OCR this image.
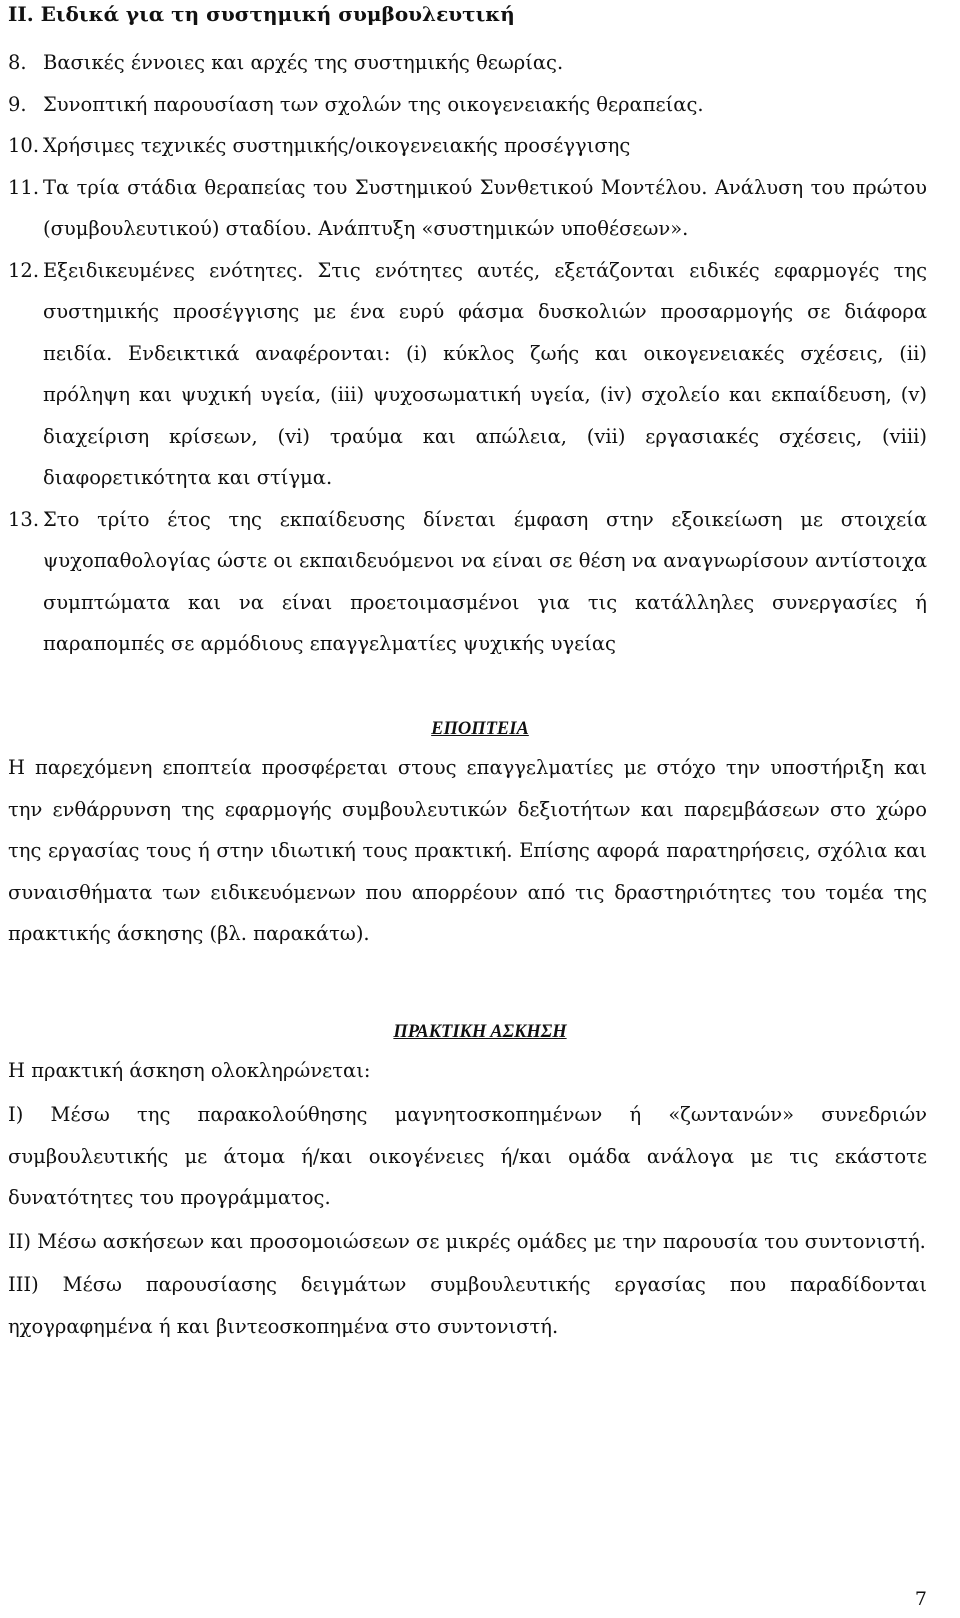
ΙΙ. Ειδικά για τη συστημική συμβουλευτική
8. Βασικές έννοιες και αρχές της συστημικής θεωρίας.
9. Συνοπτική παρουσίαση των σχολών της οικογενειακής θεραπείας.
10. Χρήσιμες τεχνικές συστημικής/οικογενειακής προσέγγισης
11. Τα τρία στάδια θεραπείας του Συστημικού Συνθετικού Μοντέλου. Ανάλυση του πρώτου (συμβουλευτικού) σταδίου. Ανάπτυξη «συστημικών υποθέσεων».
12. Εξειδικευμένες ενότητες. Στις ενότητες αυτές, εξετάζονται ειδικές εφαρμογές της συστημικής προσέγγισης με ένα ευρύ φάσμα δυσκολιών προσαρμογής σε διάφορα πειδία. Ενδεικτικά αναφέρονται: (i) κύκλος ζωής και οικογενειακές σχέσεις, (ii) πρόληψη και ψυχική υγεία, (iii) ψυχοσωματική υγεία, (iv) σχολείο και εκπαίδευση, (v) διαχείριση κρίσεων, (vi) τραύμα και απώλεια, (vii) εργασιακές σχέσεις, (viii) διαφορετικότητα και στίγμα.
13. Στο τρίτο έτος της εκπαίδευσης δίνεται έμφαση στην εξοικείωση με στοιχεία ψυχοπαθολογίας ώστε οι εκπαιδευόμενοι να είναι σε θέση να αναγνωρίσουν αντίστοιχα συμπτώματα και να είναι προετοιμασμένοι για τις κατάλληλες συνεργασίες ή παραπομπές σε αρμόδιους επαγγελματίες ψυχικής υγείας
ΕΠΟΠΤΕΙΑ

Η παρεχόμενη εποπτεία προσφέρεται στους επαγγελματίες με στόχο την υποστήριξη και την ενθάρρυνση της εφαρμογής συμβουλευτικών δεξιοτήτων και παρεμβάσεων στο χώρο της εργασίας τους ή στην ιδιωτική τους πρακτική. Επίσης αφορά παρατηρήσεις, σχόλια και συναισθήματα των ειδικευόμενων που απορρέουν από τις δραστηριότητες του τομέα της πρακτικής άσκησης (βλ. παρακάτω).

ΠΡΑΚΤΙΚΗ ΑΣΚΗΣΗ

Η πρακτική άσκηση ολοκληρώνεται:

Ι) Μέσω της παρακολούθησης μαγνητοσκοπημένων ή «ζωντανών» συνεδριών συμβουλευτικής με άτομα ή/και οικογένειες ή/και ομάδα ανάλογα με τις εκάστοτε δυνατότητες του προγράμματος.

ΙΙ) Μέσω ασκήσεων και προσομοιώσεων σε μικρές ομάδες με την παρουσία του συντονιστή.

ΙΙΙ) Μέσω παρουσίασης δειγμάτων συμβουλευτικής εργασίας που παραδίδονται ηχογραφημένα ή και βιντεοσκοπημένα στο συντονιστή.

7
